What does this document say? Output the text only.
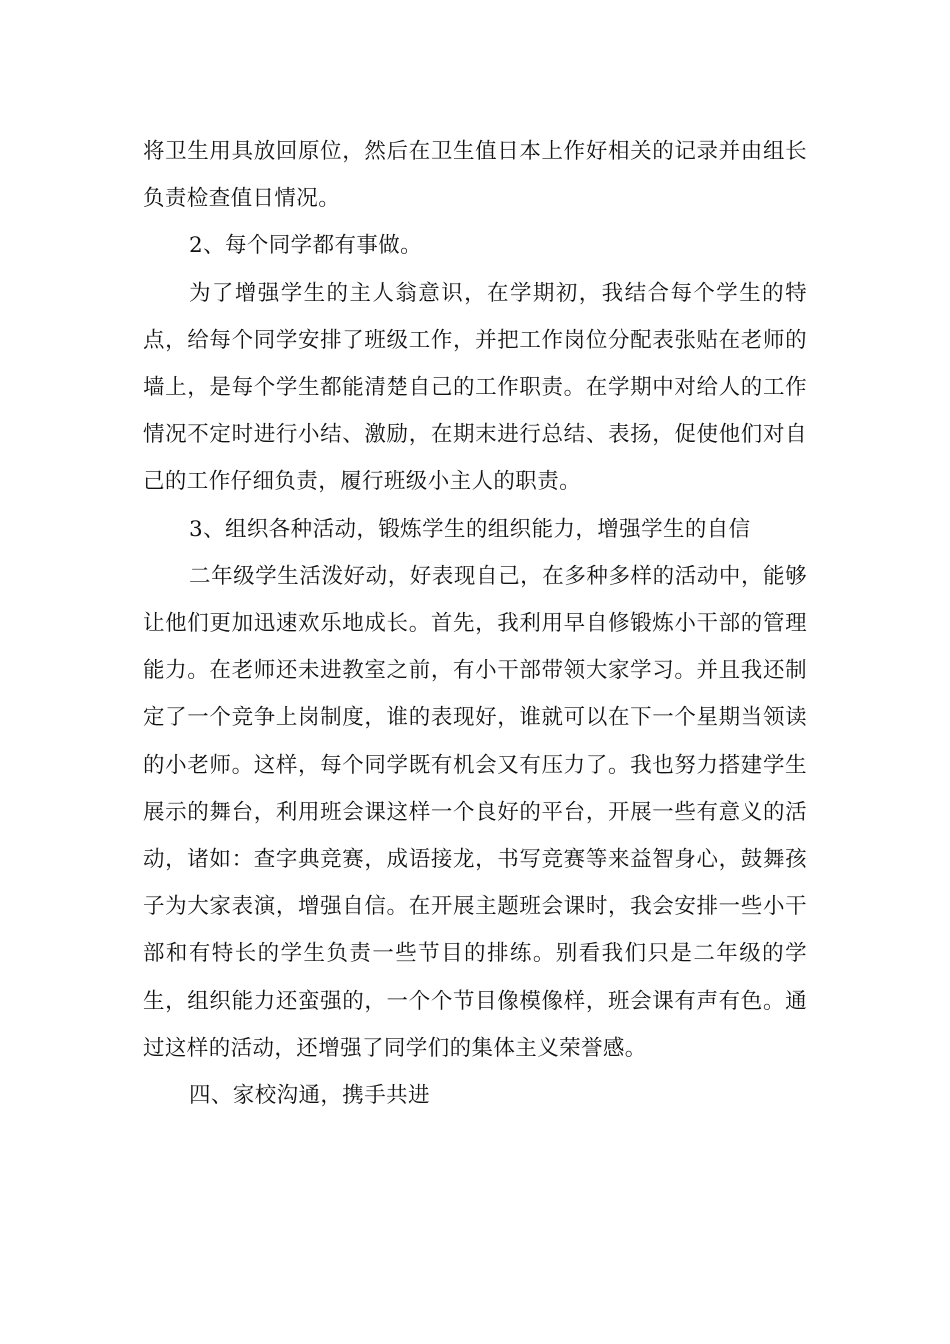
将卫生用具放回原位，然后在卫生值日本上作好相关的记录并由组长负责检查值日情况。

2、每个同学都有事做。

为了增强学生的主人翁意识，在学期初，我结合每个学生的特点，给每个同学安排了班级工作，并把工作岗位分配表张贴在老师的墙上，是每个学生都能清楚自己的工作职责。在学期中对给人的工作情况不定时进行小结、激励，在期末进行总结、表扬，促使他们对自己的工作仔细负责，履行班级小主人的职责。

3、组织各种活动，锻炼学生的组织能力，增强学生的自信

二年级学生活泼好动，好表现自己，在多种多样的活动中，能够让他们更加迅速欢乐地成长。首先，我利用早自修锻炼小干部的管理能力。在老师还未进教室之前，有小干部带领大家学习。并且我还制定了一个竞争上岗制度，谁的表现好，谁就可以在下一个星期当领读的小老师。这样，每个同学既有机会又有压力了。我也努力搭建学生展示的舞台，利用班会课这样一个良好的平台，开展一些有意义的活动，诸如：查字典竞赛，成语接龙，书写竞赛等来益智身心，鼓舞孩子为大家表演，增强自信。在开展主题班会课时，我会安排一些小干部和有特长的学生负责一些节目的排练。别看我们只是二年级的学生，组织能力还蛮强的，一个个节目像模像样，班会课有声有色。通过这样的活动，还增强了同学们的集体主义荣誉感。

四、家校沟通，携手共进
